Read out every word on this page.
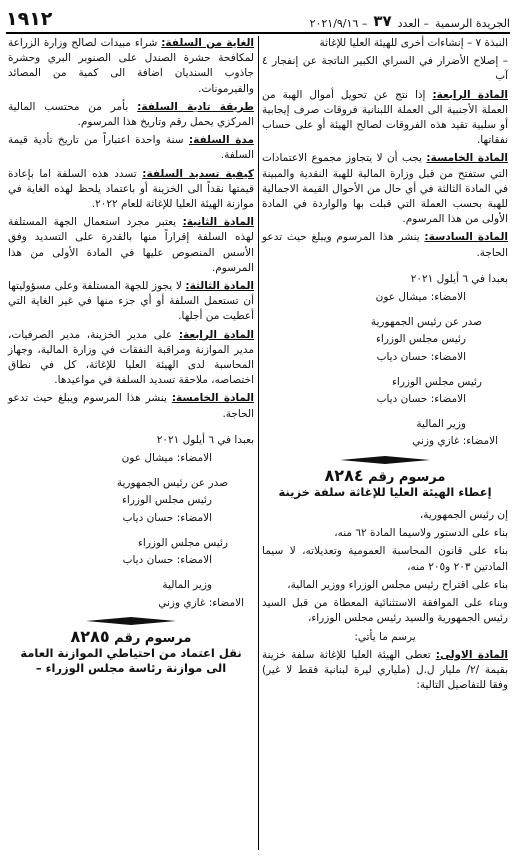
الجريدة الرسمية
– العدد
٣٧
– ٢٠٢١/٩/١٦
١٩١٢

النبذة ٧ – إنشاءات أخرى للهيئة العليا للإغاثة

– إصلاح الأضرار في السراي الكبير الناتجة عن إنفجار ٤ آب

المادة الرابعة: إذا نتج عن تحويل أموال الهبة من العملة الأجنبية الى العملة اللبنانية فروقات صرف إيجابية أو سلبية تقيد هذه الفروقات لصالح الهيئة أو على حساب نفقاتها.

المادة الخامسة: يجب أن لا يتجاوز مجموع الاعتمادات التي ستفتح من قبل وزارة المالية للهبة النقدية والمبينة في المادة الثالثة في أي حال من الأحوال القيمة الاجمالية للهبة بحسب العملة التي قبلت بها والواردة في المادة الأولى من هذا المرسوم.

المادة السادسة: ينشر هذا المرسوم ويبلغ حيث تدعو الحاجة.

بعبدا في ٦ أيلول ٢٠٢١

الامضاء: ميشال عون

صدر عن رئيس الجمهورية

رئيس مجلس الوزراء

الامضاء: حسان دياب

رئيس مجلس الوزراء

الامضاء: حسان دياب

وزير المالية

الامضاء: غازي وزني

مرسوم رقم ٨٢٨٤
إعطاء الهيئة العليا للإغاثة سلفة خزينة

إن رئيس الجمهورية،

بناء على الدستور ولاسيما المادة ٦٢ منه،

بناء على قانون المحاسبة العمومية وتعديلاته، لا سيما المادتين ٢٠٣ و٢٠٥ منه،

بناء على اقتراح رئيس مجلس الوزراء ووزير المالية،

وبناء على الموافقة الاستثنائية المعطاة من قبل السيد رئيس الجمهورية والسيد رئيس مجلس الوزراء،

يرسم ما يأتي:

المادة الاولى: تعطى الهيئة العليا للإغاثة سلفة خزينة بقيمة /٢/ مليار ل.ل (ملياري ليرة لبنانية فقط لا غير) وفقا للتفاصيل التالية:

الغاية من السلفة: شراء مبيدات لصالح وزارة الزراعة لمكافحة حشرة الصندل على الصنوبر البري وحشرة جاذوب السنديان اضافة الى كمية من المصائد والفيرمونات.

طريقة تادية السلفة: بأمر من محتسب المالية المركزي يحمل رقم وتاريخ هذا المرسوم.

مدة السلفة: سنة واحدة اعتباراً من تاريخ تأدية قيمة السلفة.

كيفية تسديد السلفة: تسدد هذه السلفة اما بإعادة قيمتها نقداً الى الخزينة أو باعتماد يلحظ لهذه الغاية في موازنة الهيئة العليا للإغاثة للعام ٢٠٢٢.

المادة الثانية: يعتبر مجرد استعمال الجهة المستلفة لهذه السلفة إقراراً منها بالقدرة على التسديد وفق الأسس المنصوص عليها في المادة الأولى من هذا المرسوم.

المادة الثالثة: لا يجوز للجهة المستلفة وعلى مسؤوليتها أن تستعمل السلفة أو أي جزء منها في غير الغاية التي أعطيت من أجلها.

المادة الرابعة: على مدير الخزينة، مدير الصرفيات، مدير الموازنة ومراقبة النفقات في وزارة المالية، وجهاز المحاسبة لدى الهيئة العليا للإغاثة، كل في نطاق اختصاصه، ملاحقة تسديد السلفة في مواعيدها.

المادة الخامسة: ينشر هذا المرسوم ويبلغ حيث تدعو الحاجة.

بعبدا في ٦ أيلول ٢٠٢١

الامضاء: ميشال عون

صدر عن رئيس الجمهورية

رئيس مجلس الوزراء

الامضاء: حسان دياب

رئيس مجلس الوزراء

الامضاء: حسان دياب

وزير المالية

الامضاء: غازي وزني

مرسوم رقم ٨٢٨٥
نقل اعتماد من احتياطي الموازنة العامة
الى موازنة رئاسة مجلس الوزراء –
